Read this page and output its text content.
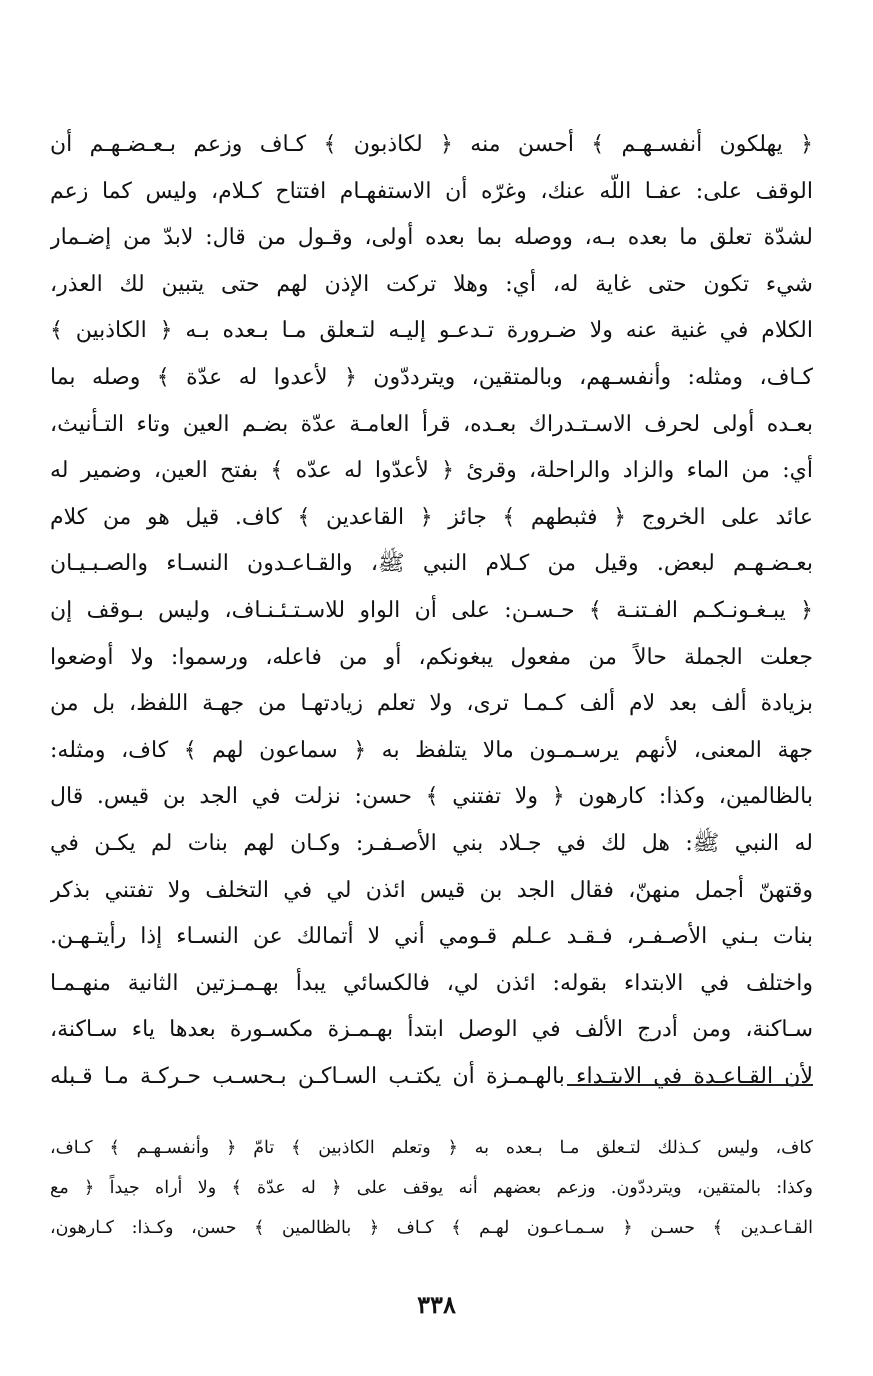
﴿ يهلكون أنفسـهـم ﴾ أحسن منه ﴿ لكاذبون ﴾ كـاف وزعم بـعـضـهـم أن
الوقف على: عفـا اللّه عنك، وغرّه أن الاستفهـام افتتاح كـلام، وليس كما زعم
لشدّة تعلق ما بعده بـه، ووصله بما بعده أولى، وقـول من قال: لابدّ من إضـمار
شيء تكون حتى غاية له، أي: وهلا تركت الإذن لهم حتى يتبين لك العذر،
الكلام في غنية عنه ولا ضـرورة تـدعـو إليـه لتـعلق مـا بـعده بـه ﴿ الكاذبين ﴾
كـاف، ومثله: وأنفسـهم، وبالمتقين، ويترددّون ﴿ لأعدوا له عدّة ﴾ وصله بما
بعـده أولى لحرف الاسـتـدراك بعـده، قرأ العامـة عدّة بضـم العين وتاء التـأنيث،
أي: من الماء والزاد والراحلة، وقرئ ﴿ لأعدّوا له عدّه ﴾ بفتح العين، وضمير له
عائد على الخروج ﴿ فثبطهم ﴾ جائز ﴿ القاعدين ﴾ كاف. قيل هو من كلام
بعـضـهـم لبعض. وقيل من كـلام النبي ﷺ، والقـاعـدون النسـاء والصـبـيـان
﴿ يبـغـونـكـم الفـتنـة ﴾ حـسـن: على أن الواو للاسـتـئـنـاف، وليس بـوقف إن
جعلت الجملة حالاً من مفعول يبغونكم، أو من فاعله، ورسموا: ولا أوضعوا
بزيادة ألف بعد لام ألف كـمـا ترى، ولا تعلم زيادتهـا من جهـة اللفظ، بل من
جهة المعنى، لأنهم يرسـمـون مالا يتلفظ به ﴿ سماعون لهم ﴾ كاف، ومثله:
بالظالمين، وكذا: كارهون ﴿ ولا تفتني ﴾ حسن: نزلت في الجد بن قيس. قال
له النبي ﷺ: هل لك في جـلاد بني الأصـفـر: وكـان لهم بنات لم يكـن في
وقتهنّ أجمل منهنّ، فقال الجد بن قيس ائذن لي في التخلف ولا تفتني بذكر
بنات بـني الأصـفـر، فـقـد عـلم قـومي أني لا أتمالك عن النسـاء إذا رأيتـهـن.
واختلف في الابتداء بقوله: ائذن لي، فالكسائي يبدأ بهـمـزتين الثانية منهـمـا
سـاكنة، ومن أدرج الألف في الوصل ابتدأ بهـمـزة مكسـورة بعدها ياء سـاكنة،
لأن القـاعـدة في الابتـداء بالهـمـزة أن يكتـب السـاكـن بـحسـب حـركـة مـا قـبله
كاف، وليس كـذلك لتـعلق مـا بـعده به ﴿ وتعلم الكاذبين ﴾ تامّ ﴿ وأنفسـهـم ﴾ كـاف،
وكذا: بالمتقين، ويترددّون. وزعم بعضهم أنه يوقف على ﴿ له عدّة ﴾ ولا أراه جيداً ﴿ مع
القـاعـدين ﴾ حسـن ﴿ سـمـاعـون لهـم ﴾ كـاف ﴿ بالظالمين ﴾ حسن، وكـذا: كـارهون،
٣٣٨
